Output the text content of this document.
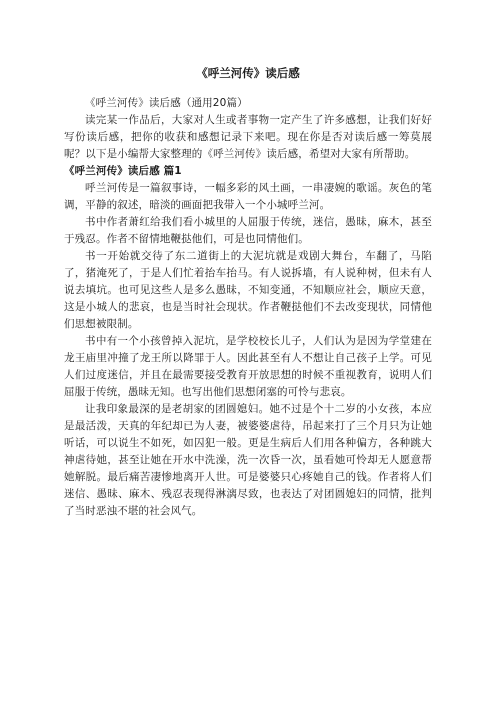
《呼兰河传》读后感

《呼兰河传》读后感（通用20篇）

读完某一作品后，大家对人生或者事物一定产生了许多感想，让我们好好写份读后感，把你的收获和感想记录下来吧。现在你是否对读后感一筹莫展呢？以下是小编帮大家整理的《呼兰河传》读后感，希望对大家有所帮助。

《呼兰河传》读后感 篇1

呼兰河传是一篇叙事诗，一幅多彩的风土画，一串凄婉的歌谣。灰色的笔调，平静的叙述，暗淡的画面把我带入一个小城呼兰河。

书中作者萧红给我们看小城里的人屈服于传统，迷信，愚昧，麻木，甚至于残忍。作者不留情地鞭挞他们，可是也同情他们。

书一开始就交待了东二道街上的大泥坑就是戏剧大舞台，车翻了，马陷了，猪淹死了，于是人们忙着抬车抬马。有人说拆墙，有人说种树，但未有人说去填坑。也可见这些人是多么愚昧，不知变通，不知顺应社会，顺应天意，这是小城人的悲哀，也是当时社会现状。作者鞭挞他们不去改变现状，同情他们思想被限制。

书中有一个小孩曾掉入泥坑，是学校校长儿子，人们认为是因为学堂建在龙王庙里冲撞了龙王所以降罪于人。因此甚至有人不想让自己孩子上学。可见人们过度迷信，并且在最需要接受教育开放思想的时候不重视教育，说明人们屈服于传统，愚昧无知。也写出他们思想闭塞的可怜与悲哀。

让我印象最深的是老胡家的团圆媳妇。她不过是个十二岁的小女孩，本应是最活泼，天真的年纪却已为人妻，被婆婆虐待，吊起来打了三个月只为让她听话，可以说生不如死，如囚犯一般。更是生病后人们用各种偏方，各种跳大神虐待她，甚至让她在开水中洗澡，洗一次昏一次，虽看她可怜却无人愿意帮她解脱。最后痛苦凄惨地离开人世。可是婆婆只心疼她自己的钱。作者将人们迷信、愚昧、麻木、残忍表现得淋漓尽致，也表达了对团圆媳妇的同情，批判了当时恶浊不堪的社会风气。
